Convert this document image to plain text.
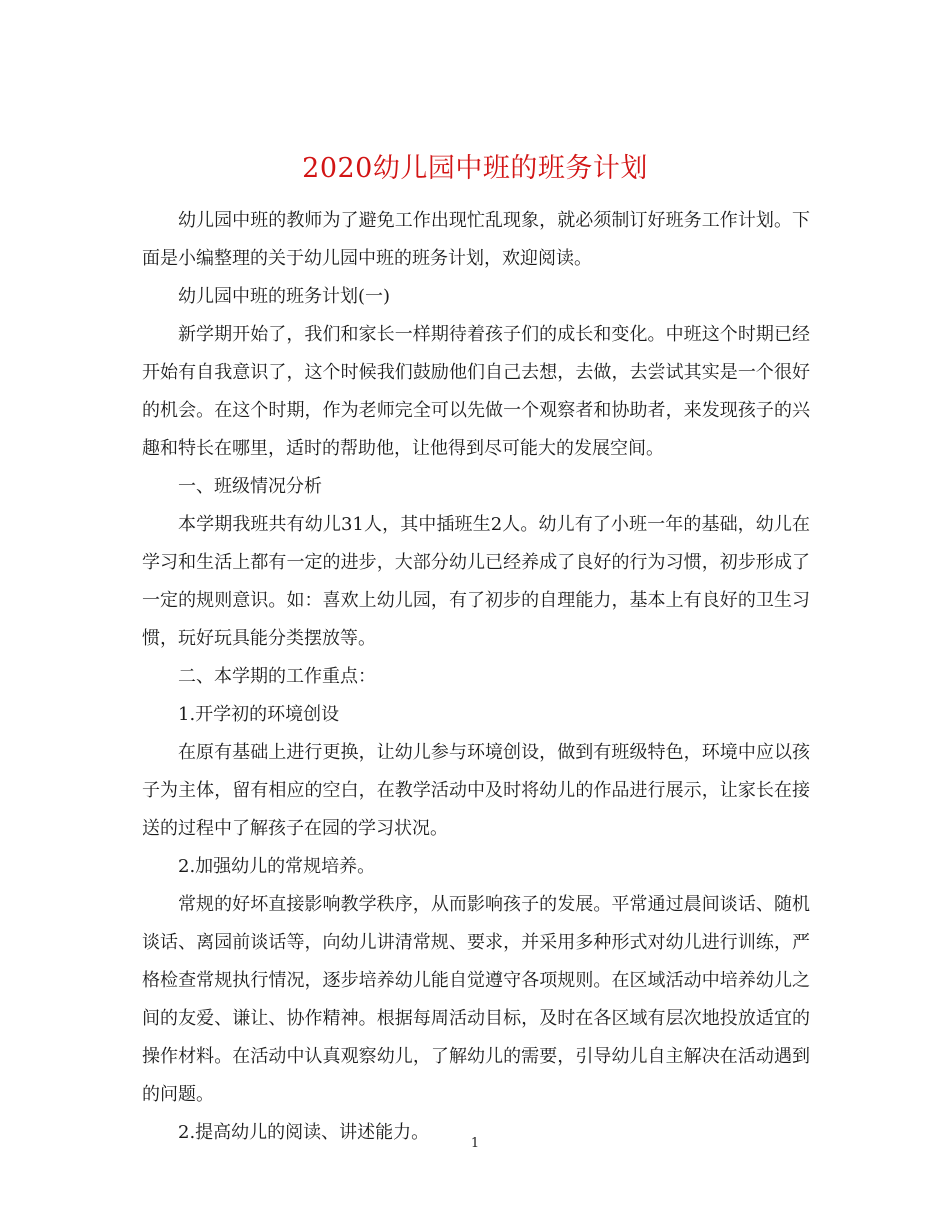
2020幼儿园中班的班务计划

幼儿园中班的教师为了避免工作出现忙乱现象，就必须制订好班务工作计划。下面是小编整理的关于幼儿园中班的班务计划，欢迎阅读。

幼儿园中班的班务计划(一)

新学期开始了，我们和家长一样期待着孩子们的成长和变化。中班这个时期已经开始有自我意识了，这个时候我们鼓励他们自己去想，去做，去尝试其实是一个很好的机会。在这个时期，作为老师完全可以先做一个观察者和协助者，来发现孩子的兴趣和特长在哪里，适时的帮助他，让他得到尽可能大的发展空间。

一、班级情况分析

本学期我班共有幼儿31人，其中插班生2人。幼儿有了小班一年的基础，幼儿在学习和生活上都有一定的进步，大部分幼儿已经养成了良好的行为习惯，初步形成了一定的规则意识。如：喜欢上幼儿园，有了初步的自理能力，基本上有良好的卫生习惯，玩好玩具能分类摆放等。

二、本学期的工作重点：

1.开学初的环境创设

在原有基础上进行更换，让幼儿参与环境创设，做到有班级特色，环境中应以孩子为主体，留有相应的空白，在教学活动中及时将幼儿的作品进行展示，让家长在接送的过程中了解孩子在园的学习状况。

2.加强幼儿的常规培养。

常规的好坏直接影响教学秩序，从而影响孩子的发展。平常通过晨间谈话、随机谈话、离园前谈话等，向幼儿讲清常规、要求，并采用多种形式对幼儿进行训练，严格检查常规执行情况，逐步培养幼儿能自觉遵守各项规则。在区域活动中培养幼儿之间的友爱、谦让、协作精神。根据每周活动目标，及时在各区域有层次地投放适宜的操作材料。在活动中认真观察幼儿，了解幼儿的需要，引导幼儿自主解决在活动遇到的问题。

2.提高幼儿的阅读、讲述能力。

1
